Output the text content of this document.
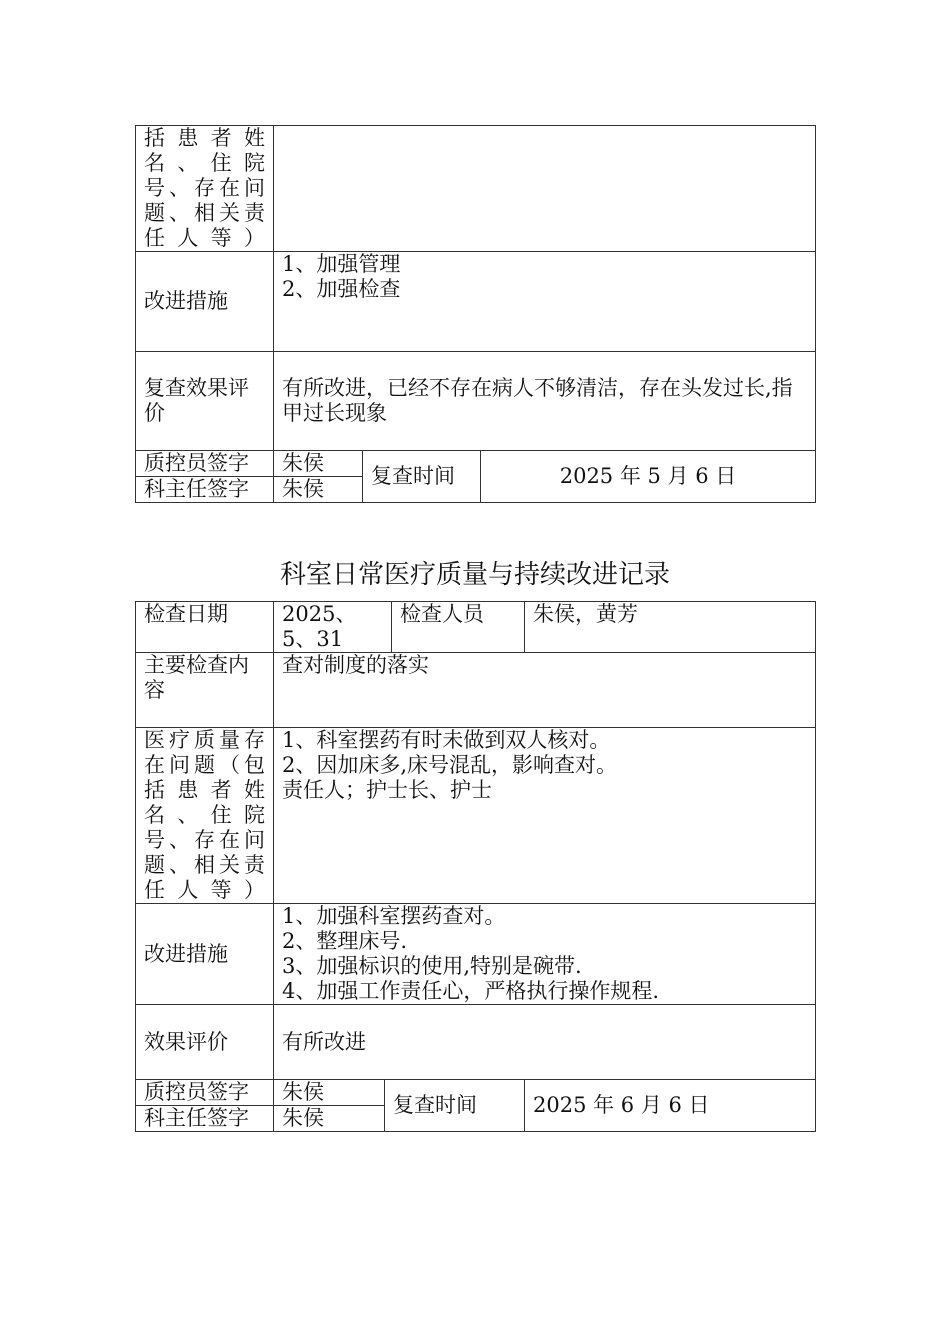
括患者姓名、住院号、存在问题、相关责任人等）			
改进措施	1、加强管理
2、加强检查		
复查效果评价	有所改进，已经不存在病人不够清洁，存在头发过长,指甲过长现象		
质控员签字	朱侯	复查时间	2025 年 5 月 6 日
科主任签字	朱侯		
科室日常医疗质量与持续改进记录
检查日期	2025、5、31		检查人员	朱侯，黄芳
主要检查内容	查对制度的落实			
医疗质量存在问题（包括患者姓名、住院号、存在问题、相关责任人等）	1、科室摆药有时未做到双人核对。
2、因加床多,床号混乱，影响查对。
责任人；护士长、护士			
改进措施	1、加强科室摆药查对。
2、整理床号.
3、加强标识的使用,特别是碗带.
4、加强工作责任心，严格执行操作规程.			
效果评价	有所改进			
质控员签字	朱侯	复查时间		2025 年 6 月 6 日
科主任签字	朱侯			
